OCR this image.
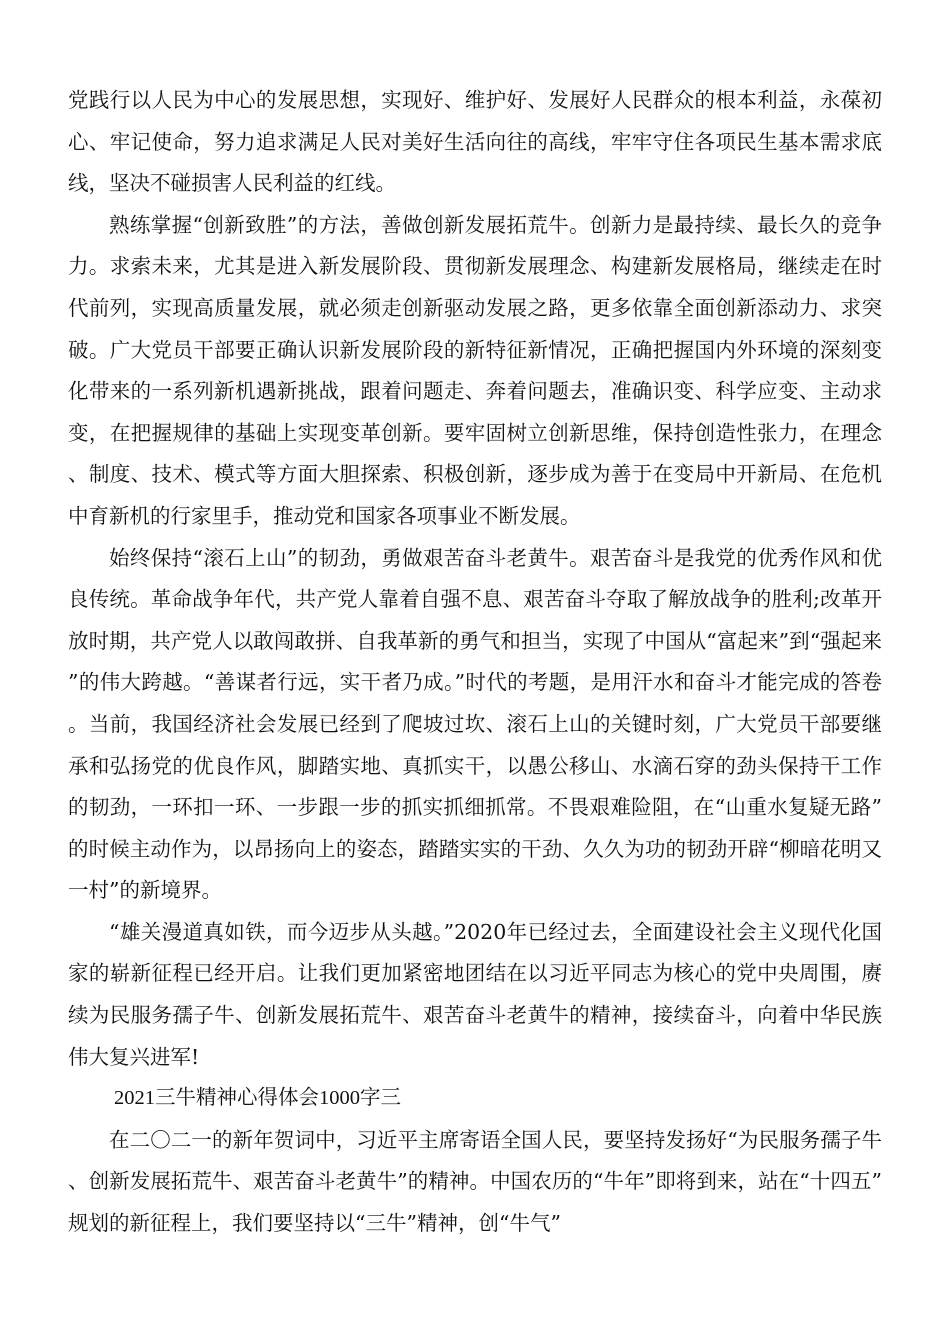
党践行以人民为中心的发展思想，实现好、维护好、发展好人民群众的根本利益，永葆初心、牢记使命，努力追求满足人民对美好生活向往的高线，牢牢守住各项民生基本需求底线，坚决不碰损害人民利益的红线。

熟练掌握“创新致胜”的方法，善做创新发展拓荒牛。创新力是最持续、最长久的竞争力。求索未来，尤其是进入新发展阶段、贯彻新发展理念、构建新发展格局，继续走在时代前列，实现高质量发展，就必须走创新驱动发展之路，更多依靠全面创新添动力、求突破。广大党员干部要正确认识新发展阶段的新特征新情况，正确把握国内外环境的深刻变化带来的一系列新机遇新挑战，跟着问题走、奔着问题去，准确识变、科学应变、主动求变，在把握规律的基础上实现变革创新。要牢固树立创新思维，保持创造性张力，在理念、制度、技术、模式等方面大胆探索、积极创新，逐步成为善于在变局中开新局、在危机中育新机的行家里手，推动党和国家各项事业不断发展。

始终保持“滚石上山”的韧劲，勇做艰苦奋斗老黄牛。艰苦奋斗是我党的优秀作风和优良传统。革命战争年代，共产党人靠着自强不息、艰苦奋斗夺取了解放战争的胜利;改革开放时期，共产党人以敢闯敢拼、自我革新的勇气和担当，实现了中国从“富起来”到“强起来”的伟大跨越。“善谋者行远，实干者乃成。”时代的考题，是用汗水和奋斗才能完成的答卷。当前，我国经济社会发展已经到了爬坡过坎、滚石上山的关键时刻，广大党员干部要继承和弘扬党的优良作风，脚踏实地、真抓实干，以愚公移山、水滴石穿的劲头保持干工作的韧劲，一环扣一环、一步跟一步的抓实抓细抓常。不畏艰难险阻，在“山重水复疑无路”的时候主动作为，以昂扬向上的姿态，踏踏实实的干劲、久久为功的韧劲开辟“柳暗花明又一村”的新境界。

“雄关漫道真如铁，而今迈步从头越。”2020年已经过去，全面建设社会主义现代化国家的崭新征程已经开启。让我们更加紧密地团结在以习近平同志为核心的党中央周围，赓续为民服务孺子牛、创新发展拓荒牛、艰苦奋斗老黄牛的精神，接续奋斗，向着中华民族伟大复兴进军!

2021三牛精神心得体会1000字三

在二〇二一的新年贺词中，习近平主席寄语全国人民，要坚持发扬好“为民服务孺子牛、创新发展拓荒牛、艰苦奋斗老黄牛”的精神。中国农历的“牛年”即将到来，站在“十四五”规划的新征程上，我们要坚持以“三牛”精神，创“牛气”
